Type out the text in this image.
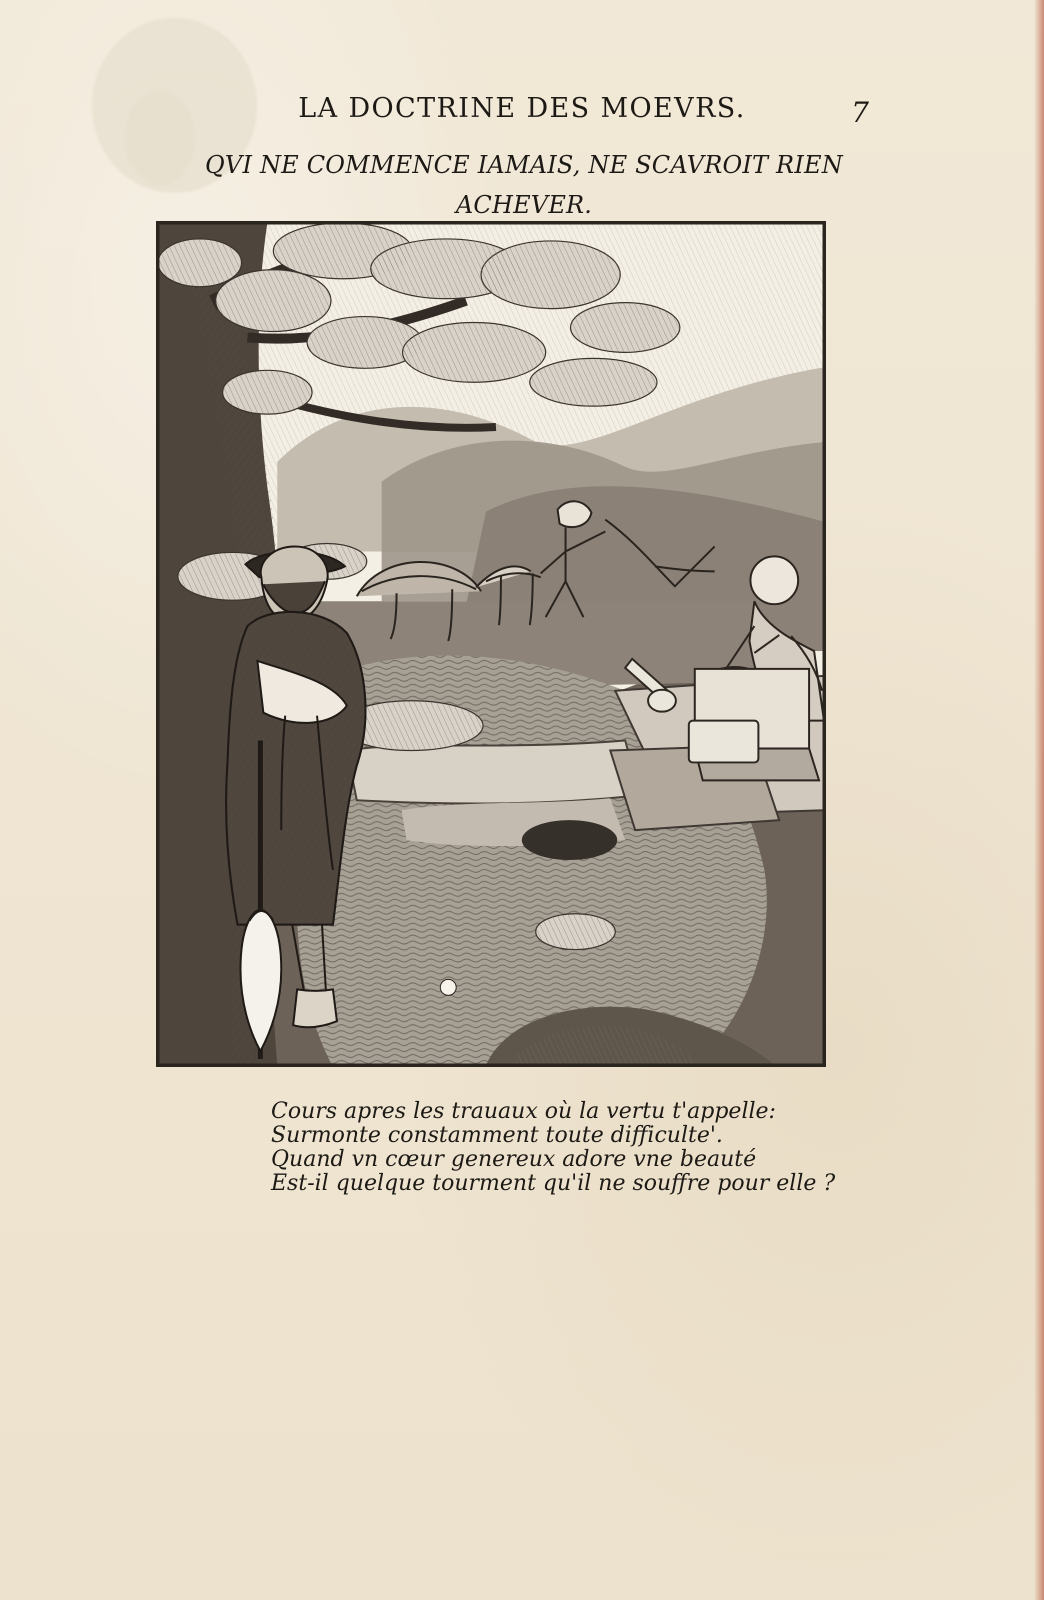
LA DOCTRINE DES MOEVRS.	7
QVI NE COMMENCE IAMAIS, NE SCAVROIT RIEN ACHEVER.
Cours apres les trauaux où la vertu t'appelle:
Surmonte constamment toute difficulte'.
Quand vn cœur genereux adore vne beauté
Est-il quelque tourment qu'il ne souffre pour elle ?
